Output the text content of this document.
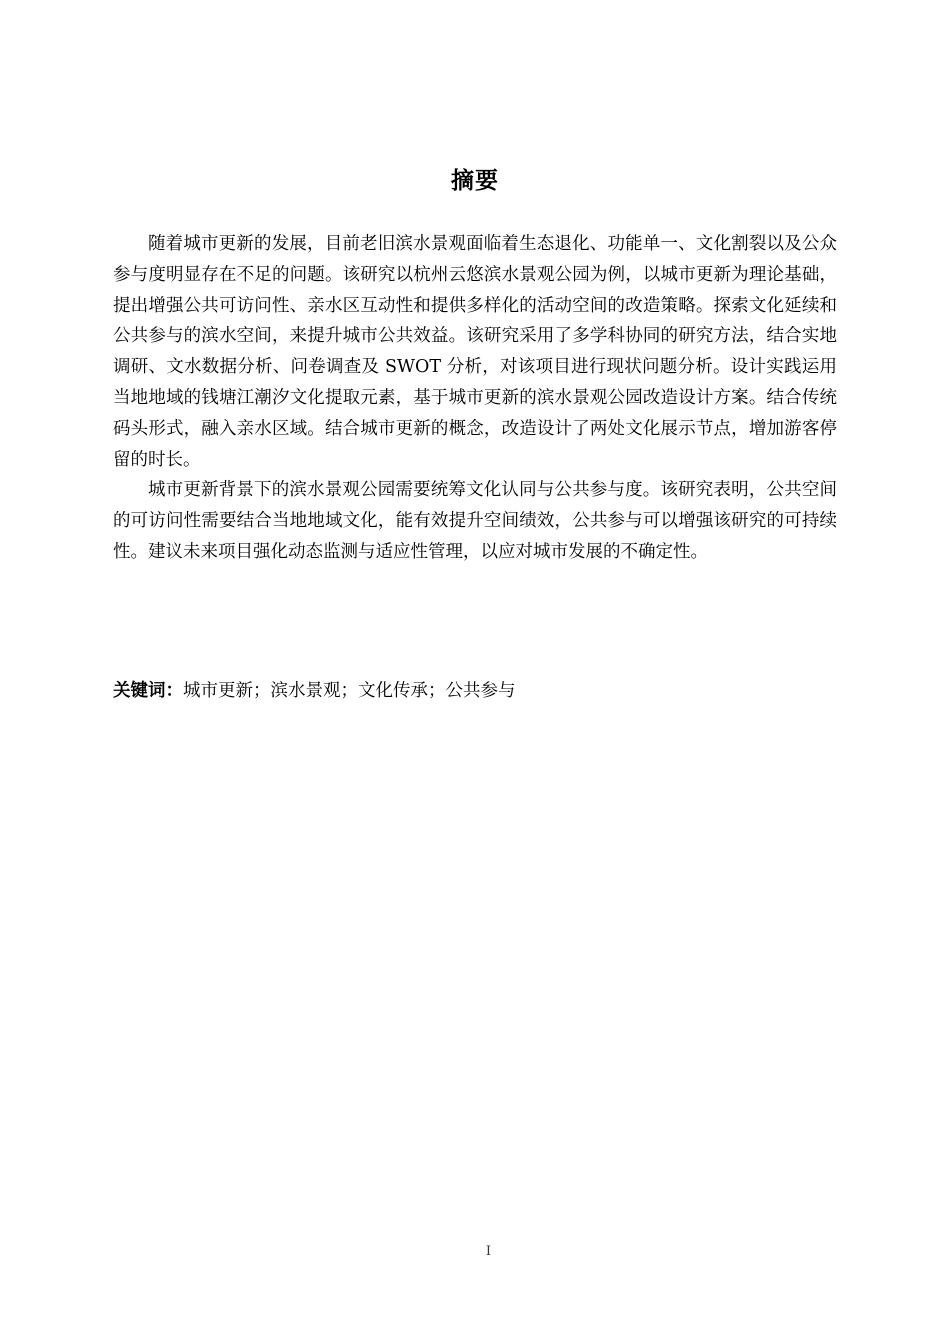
摘要

随着城市更新的发展，目前老旧滨水景观面临着生态退化、功能单一、文化割裂以及公众参与度明显存在不足的问题。该研究以杭州云悠滨水景观公园为例，以城市更新为理论基础，提出增强公共可访问性、亲水区互动性和提供多样化的活动空间的改造策略。探索文化延续和公共参与的滨水空间，来提升城市公共效益。该研究采用了多学科协同的研究方法，结合实地调研、文水数据分析、问卷调查及 SWOT 分析，对该项目进行现状问题分析。设计实践运用当地地域的钱塘江潮汐文化提取元素，基于城市更新的滨水景观公园改造设计方案。结合传统码头形式，融入亲水区域。结合城市更新的概念，改造设计了两处文化展示节点，增加游客停留的时长。

城市更新背景下的滨水景观公园需要统筹文化认同与公共参与度。该研究表明，公共空间的可访问性需要结合当地地域文化，能有效提升空间绩效，公共参与可以增强该研究的可持续性。建议未来项目强化动态监测与适应性管理，以应对城市发展的不确定性。

关键词：城市更新；滨水景观；文化传承；公共参与
I
